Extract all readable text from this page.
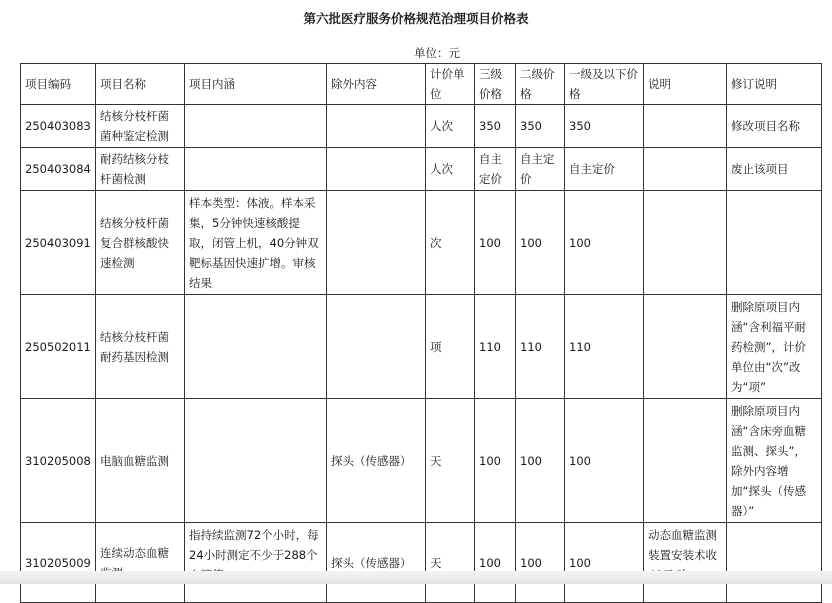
第六批医疗服务价格规范治理项目价格表
单位：元
项目编码	项目名称	项目内涵	除外内容	计价单位	三级价格	二级价格	一级及以下价格	说明	修订说明
250403083	结核分枝杆菌菌种鉴定检测			人次	350	350	350		修改项目名称
250403084	耐药结核分枝杆菌检测			人次	自主定价	自主定价	自主定价		废止该项目
250403091	结核分枝杆菌复合群核酸快速检测	样本类型：体液。样本采集，5分钟快速核酸提取，闭管上机，40分钟双靶标基因快速扩增。审核结果		次	100	100	100		
250502011	结核分枝杆菌耐药基因检测			项	110	110	110		删除原项目内涵“含利福平耐药检测”，计价单位由“次”改为“项”
310205008	电脑血糖监测		探头（传感器）	天	100	100	100		删除原项目内涵“含床旁血糖监测、探头”，除外内容增加“探头（传感器）”
310205009	连续动态血糖	指持续监测72个小时，每24小时测定不少于288个	探头（传感器）	天	100	100	100	动态血糖监测装置安装术收	
